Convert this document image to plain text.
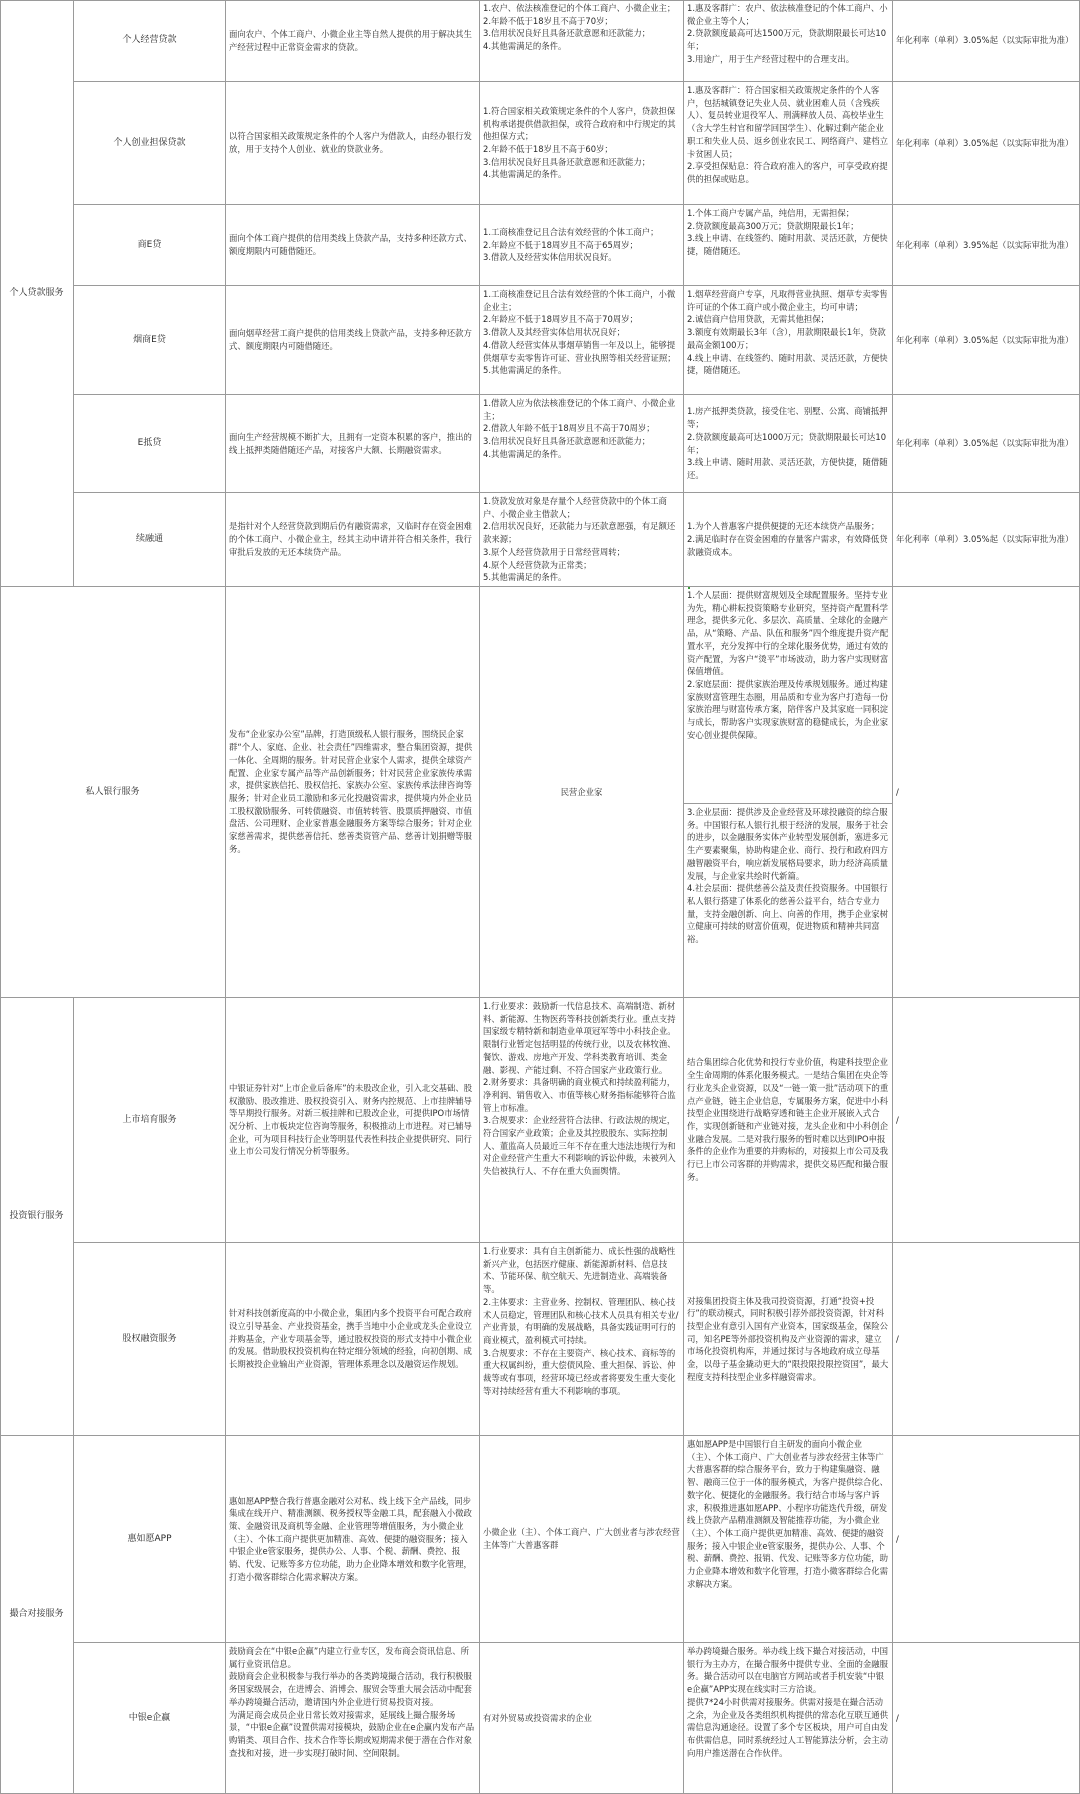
个人贷款服务
私人银行服务
投资银行服务
撮合对接服务
个人经营贷款
面向农户、个体工商户、小微企业主等自然人提供的用于解决其生产经营过程中正常资金需求的贷款。
1.农户、依法核准登记的个体工商户、小微企业主；
2.年龄不低于18岁且不高于70岁；
3.信用状况良好且具备还款意愿和还款能力；
4.其他需满足的条件。
1.惠及客群广：农户、依法核准登记的个体工商户、小微企业主等个人；
2.贷款额度最高可达1500万元，贷款期限最长可达10年；
3.用途广，用于生产经营过程中的合理支出。
年化利率（单利）3.05%起（以实际审批为准）
个人创业担保贷款
以符合国家相关政策规定条件的个人客户为借款人，由经办银行发放，用于支持个人创业、就业的贷款业务。
1.符合国家相关政策规定条件的个人客户，贷款担保机构承诺提供借款担保，或符合政府和中行规定的其他担保方式；
2.年龄不低于18岁且不高于60岁；
3.信用状况良好且具备还款意愿和还款能力；
4.其他需满足的条件。
1.惠及客群广：符合国家相关政策规定条件的个人客户，包括城镇登记失业人员、就业困难人员（含残疾人）、复员转业退役军人、刑满释放人员、高校毕业生（含大学生村官和留学回国学生）、化解过剩产能企业职工和失业人员、返乡创业农民工、网络商户、建档立卡贫困人员；
2.享受担保贴息：符合政府准入的客户，可享受政府提供的担保或贴息。
年化利率（单利）3.05%起（以实际审批为准）
商E贷
面向个体工商户提供的信用类线上贷款产品，支持多种还款方式、额度期限内可随借随还。
1.工商核准登记且合法有效经营的个体工商户；
2.年龄应不低于18周岁且不高于65周岁；
3.借款人及经营实体信用状况良好。
1.个体工商户专属产品，纯信用，无需担保；
2.贷款额度最高300万元；贷款期限最长1年；
3.线上申请、在线签约、随时用款、灵活还款，方便快捷，随借随还。
年化利率（单利）3.95%起（以实际审批为准）
烟商E贷
面向烟草经营工商户提供的信用类线上贷款产品，支持多种还款方式、额度期限内可随借随还。
1.工商核准登记且合法有效经营的个体工商户，小微企业主；
2.年龄应不低于18周岁且不高于70周岁；
3.借款人及其经营实体信用状况良好；
4.借款人经营实体从事烟草销售一年及以上，能够提供烟草专卖零售许可证、营业执照等相关经营证照；
5.其他需满足的条件。
1.烟草经营商户专享，凡取得营业执照、烟草专卖零售许可证的个体工商户或小微企业主，均可申请；
2.诚信商户信用贷款，无需其他担保；
3.额度有效期最长3年（含），用款期限最长1年，贷款最高金额100万；
4.线上申请、在线签约、随时用款、灵活还款，方便快捷，随借随还。
年化利率（单利）3.05%起（以实际审批为准）
E抵贷
面向生产经营规模不断扩大，且拥有一定资本积累的客户，推出的线上抵押类随借随还产品，对接客户大额、长期融资需求。
1.借款人应为依法核准登记的个体工商户、小微企业主；
2.借款人年龄不低于18周岁且不高于70周岁；
3.信用状况良好且具备还款意愿和还款能力；
4.其他需满足的条件。
1.房产抵押类贷款，接受住宅、别墅、公寓、商铺抵押等；
2.贷款额度最高可达1000万元；贷款期限最长可达10年；
3.线上申请、随时用款、灵活还款，方便快捷，随借随还。
年化利率（单利）3.05%起（以实际审批为准）
续融通
是指针对个人经营贷款到期后仍有融资需求，又临时存在资金困难的个体工商户、小微企业主，经其主动申请并符合相关条件，我行审批后发放的无还本续贷产品。
1.贷款发放对象是存量个人经营贷款中的个体工商户、小微企业主借款人；
2.信用状况良好，还款能力与还款意愿强，有足额还款来源；
3.原个人经营贷款用于日常经营周转；
4.原个人经营贷款为正常类；
5.其他需满足的条件。
1.为个人普惠客户提供便捷的无还本续贷产品服务；
2.满足临时存在资金困难的存量客户需求，有效降低贷款融资成本。
年化利率（单利）3.05%起（以实际审批为准）
发布“企业家办公室”品牌，打造顶级私人银行服务，围绕民企家群“个人、家庭、企业、社会责任”四维需求，整合集团资源，提供一体化、全周期的服务。针对民营企业家个人需求，提供全球资产配置、企业家专属产品等产品创新服务；针对民营企业家族传承需求，提供家族信托、股权信托、家族办公室、家族传承法律咨询等服务；针对企业员工激励和多元化投融资需求，提供境内外企业员工股权激励服务、可转债融资、市值转转管、股票质押融资、市值盘活、公司理财、企业家普惠金融服务方案等综合服务；针对企业家慈善需求，提供慈善信托、慈善类资管产品、慈善计划捐赠等服务。
民营企业家
1.个人层面：提供财富规划及全球配置服务。坚持专业为先，精心耕耘投资策略专业研究，坚持资产配置科学理念，提供多元化、多层次、高质量、全球化的金融产品，从“策略、产品、队伍和服务”四个维度提升资产配置水平，充分发挥中行的全球化服务优势，通过有效的资产配置，为客户“烫平”市场波动，助力客户实现财富保值增值。
2.家庭层面：提供家族治理及传承规划服务。通过构建家族财富管理生态圈，用品质和专业为客户打造每一份家族治理与财富传承方案，陪伴客户及其家庭一同积淀与成长，帮助客户实现家族财富的稳健成长，为企业家安心创业提供保障。
3.企业层面：提供涉及企业经营及环球投融资的综合服务。中国银行私人银行扎根于经济的发展，服务于社会的进步，以金融服务实体产业转型发展创新，塞进多元生产要素聚集，协助构建企业、商行、投行和政府四方融智融资平台，响应新发展格局要求，助力经济高质量发展，与企业家共绘时代新篇。
4.社会层面：提供慈善公益及责任投资服务。中国银行私人银行搭建了体系化的慈善公益平台，结合专业力量，支持金融创新、向上、向善的作用，携手企业家树立健康可持续的财富价值观，促进物质和精神共同富裕。
/
上市培育服务
中银证券针对“上市企业后备库”的未股改企业，引入北交基础、股权激励、股改推进、股权投资引入、财务内控规范、上市挂牌辅导等早期投行服务。对新三板挂牌和已股改企业，可提供IPO市场情况分析、上市板块定位咨询等服务，积极推动上市进程。对已辅导企业，可为项目科技行企业等明显代表性科技企业提供研究、同行业上市公司发行情况分析等服务。
1.行业要求：鼓励新一代信息技术、高端制造、新材料、新能源、生物医药等科技创新类行业。重点支持国家级专精特新和制造业单项冠军等中小科技企业。限制行业暂定包括明显的传统行业，以及农林牧渔、餐饮、游戏、房地产开发、学科类教育培训、类金融、影视、产能过剩、不符合国家产业政策行业。
2.财务要求：具备明确的商业模式和持续盈利能力，净利润、销售收入、市值等核心财务指标能够符合监管上市标准。
3.合规要求：企业经营符合法律、行政法规的规定，符合国家产业政策；企业及其控股股东、实际控制人、董监高人员最近三年不存在重大违法违规行为和对企业经营产生重大不利影响的诉讼仲裁，未被列入失信被执行人、不存在重大负面舆情。
结合集团综合化优势和投行专业价值，构建科技型企业全生命周期的体系化服务模式。一是结合集团在央企等行业龙头企业资源，以及“一链一策一批”活动项下的重点产业链，链主企业信息，专属服务方案，促进中小科技型企业围绕进行战略穿透和链主企业开展嵌入式合作，实现创新链和产业链对接，龙头企业和中小科创企业融合发展。二是对我行服务的暂时难以达到IPO申报条件的企业作为重要的并购标的，对接拟上市公司及我行已上市公司客群的并购需求，提供交易匹配和撮合服务。
/
股权融资服务
针对科技创新度高的中小微企业，集团内多个投资平台可配合政府设立引导基金、产业投资基金，携手当地中小企业或龙头企业设立并购基金，产业专项基金等，通过股权投资的形式支持中小微企业的发展。借助股权投资机构在特定细分领域的经验，向初创期、成长期被投企业输出产业资源，管理体系理念以及融资运作规划。
1.行业要求：具有自主创新能力、成长性强的战略性新兴产业，包括医疗健康、新能源新材料、信息技术、节能环保、航空航天、先进制造业、高端装备等。
2.主体要求：主营业务、控制权、管理团队、核心技术人员稳定，管理团队和核心技术人员具有相关专业/产业背景，有明确的发展战略，具备实践证明可行的商业模式，盈利模式可持续。
3.合规要求：不存在主要资产、核心技术、商标等的重大权属纠纷，重大偿债风险、重大担保、诉讼、仲裁等或有事项，经营环境已经或者将要发生重大变化等对持续经营有重大不利影响的事项。
对接集团投资主体及我司投资资源，打通“投资+投行”的联动模式，同时积极引荐外部投资资源，针对科技型企业有意引入国有产业资本，国家级基金，保险公司，知名PE等外部投资机构及产业资源的需求，建立市场化投资机构库，并通过探讨与各地政府成立母基金，以母子基金撬动更大的“限投限投限控资国”，最大程度支持科技型企业多样融资需求。
/
惠如愿APP
惠如愿APP整合我行普惠金融对公对私、线上线下全产品线，同步集成在线开户、精准测额、税务授权等金融工具，配套融入小微政策、金融资讯及商机等金融、企业管理等增值服务，为小微企业（主）、个体工商户提供更加精准、高效、便捷的融资服务；接入中银企业e管家服务，提供办公、人事、个税、薪酬、费控、报销、代发、记账等多方位功能，助力企业降本增效和数字化管理，打造小微客群综合化需求解决方案。
小微企业（主）、个体工商户、广大创业者与涉农经营主体等广大普惠客群
惠如愿APP是中国银行自主研发的面向小微企业（主）、个体工商户、广大创业者与涉农经营主体等广大普惠客群的综合服务平台，致力于构建集融资、融智、融商三位于一体的服务模式，为客户提供综合化、数字化、便捷化的金融服务。我行结合市场与客户诉求，积极推进惠如愿APP、小程序功能迭代升级，研发线上贷款产品精准测额及智能推荐功能，为小微企业（主）、个体工商户提供更加精准、高效、便捷的融资服务；接入中银企业e管家服务，提供办公、人事、个税、薪酬、费控、报销、代发、记账等多方位功能，助力企业降本增效和数字化管理，打造小微客群综合化需求解决方案。
/
中银e企赢
鼓励商会在“中银e企赢”内建立行业专区，发布商会资讯信息、所属行业资讯信息。
鼓励商会企业积极参与我行举办的各类跨境撮合活动，我行积极服务国家级展会，在进博会、消博会、服贸会等重大展会活动中配套举办跨境撮合活动，邀请国内外企业进行贸易投资对接。
为满足商会成员企业日常长效对接需求，延展线上撮合服务场景，“中银e企赢”设置供需对接模块，鼓励企业在e企赢内发布产品购销类、项目合作、技术合作等长期或短期需求便于潜在合作对象查找和对接，进一步实现打破时间、空间限制。
有对外贸易或投资需求的企业
举办跨境撮合服务。举办线上线下撮合对接活动，中国银行为主办方，在撮合服务中提供专业、全面的金融服务。撮合活动可以在电脑官方网站或者手机安装“中银e企赢”APP实现在线实时三方洽谈。
提供7*24小时供需对接服务。供需对接是在撮合活动之余，为企业及各类组织机构提供的常态化互联互通供需信息沟通途径。设置了多个专区板块，用户可自由发布供需信息，同时系统经过人工智能算法分析，会主动向用户推送潜在合作伙伴。
/
